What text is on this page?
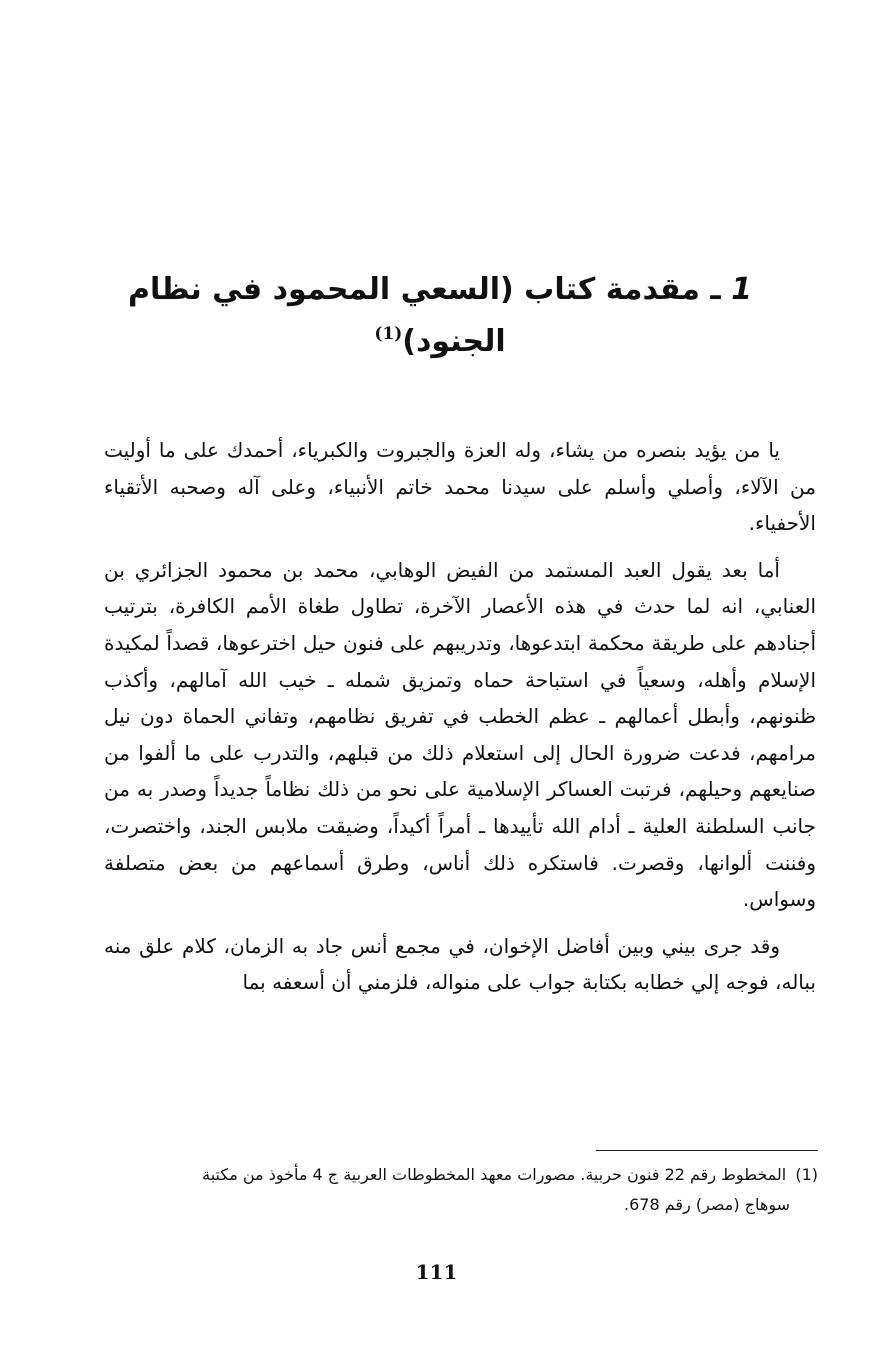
1 ـ مقدمة كتاب (السعي المحمود في نظام الجنود)$^{(1)}$

يا من يؤيد بنصره من يشاء، وله العزة والجبروت والكبرياء، أحمدك على ما أوليت من الآلاء، وأصلي وأسلم على سيدنا محمد خاتم الأنبياء، وعلى آله وصحبه الأتقياء الأحفياء.

أما بعد يقول العبد المستمد من الفيض الوهابي، محمد بن محمود الجزائري بن العنابي، انه لما حدث في هذه الأعصار الآخرة، تطاول طغاة الأمم الكافرة، بترتيب أجنادهم على طريقة محكمة ابتدعوها، وتدريبهم على فنون حيل اخترعوها، قصداً لمكيدة الإسلام وأهله، وسعياً في استباحة حماه وتمزيق شمله ـ خيب الله آمالهم، وأكذب ظنونهم، وأبطل أعمالهم ـ عظم الخطب في تفريق نظامهم، وتفاني الحماة دون نيل مرامهم، فدعت ضرورة الحال إلى استعلام ذلك من قبلهم، والتدرب على ما ألفوا من صنايعهم وحيلهم، فرتبت العساكر الإسلامية على نحو من ذلك نظاماً جديداً وصدر به من جانب السلطنة العلية ـ أدام الله تأييدها ـ أمراً أكيداً، وضيقت ملابس الجند، واختصرت، وفننت ألوانها، وقصرت. فاستكره ذلك أناس، وطرق أسماعهم من بعض متصلفة وسواس.

وقد جرى بيني وبين أفاضل الإخوان، في مجمع أنس جاد به الزمان، كلام علق منه بباله، فوجه إلي خطابه بكتابة جواب على منواله، فلزمني أن أسعفه بما

(1) المخطوط رقم 22 فنون حربية. مصورات معهد المخطوطات العربية ج 4 مأخوذ من مكتبة
سوهاج (مصر) رقم 678.
111
